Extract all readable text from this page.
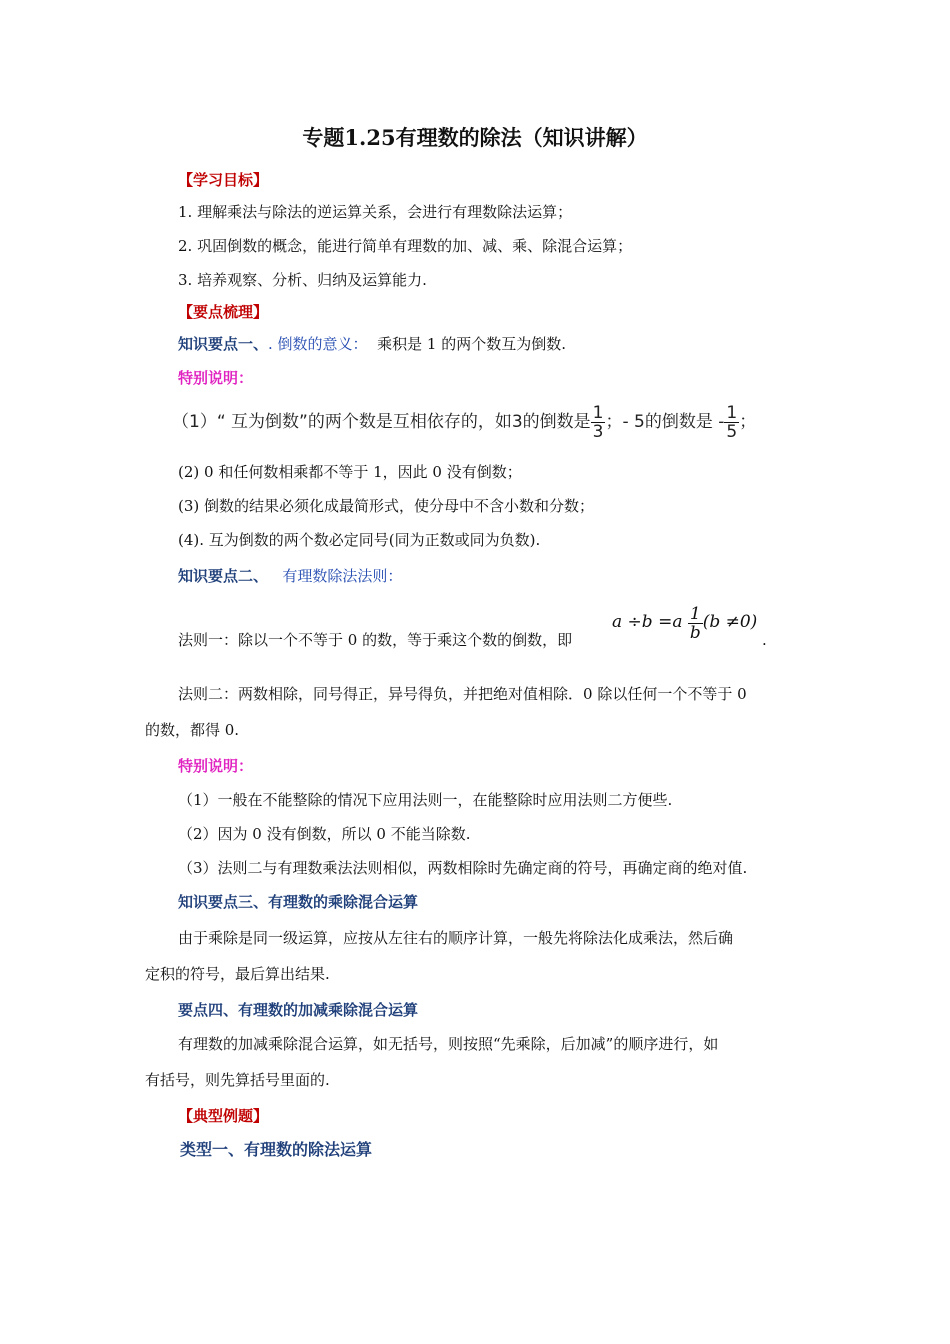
专题1.25有理数的除法（知识讲解）
【学习目标】
1. 理解乘法与除法的逆运算关系，会进行有理数除法运算；
2. 巩固倒数的概念，能进行简单有理数的加、减、乘、除混合运算；
3. 培养观察、分析、归纳及运算能力.
【要点梳理】
知识要点一、. 倒数的意义： 乘积是 1 的两个数互为倒数.
特别说明：
（1）“ 互为倒数”的两个数是互相依存的，如3的倒数是 $\frac{1}{3}$ ；- 5的倒数是 - $\frac{1}{5}$ ；
(2) 0 和任何数相乘都不等于 1，因此 0 没有倒数；
(3) 倒数的结果必须化成最简形式，使分母中不含小数和分数；
(4). 互为倒数的两个数必定同号(同为正数或同为负数).
知识要点二、 有理数除法法则：
$a \div b =a \frac{1}{b} (b \ne 0)$
法则一：除以一个不等于 0 的数，等于乘这个数的倒数，即	.
法则二：两数相除，同号得正，异号得负，并把绝对值相除．0 除以任何一个不等于 0
的数，都得 0.
特别说明：
（1）一般在不能整除的情况下应用法则一，在能整除时应用法则二方便些.
（2）因为 0 没有倒数，所以 0 不能当除数.
（3）法则二与有理数乘法法则相似，两数相除时先确定商的符号，再确定商的绝对值.
知识要点三、有理数的乘除混合运算
由于乘除是同一级运算，应按从左往右的顺序计算，一般先将除法化成乘法，然后确
定积的符号，最后算出结果.
要点四、有理数的加减乘除混合运算
有理数的加减乘除混合运算，如无括号，则按照“先乘除，后加减”的顺序进行，如
有括号，则先算括号里面的.
【典型例题】
类型一、有理数的除法运算
